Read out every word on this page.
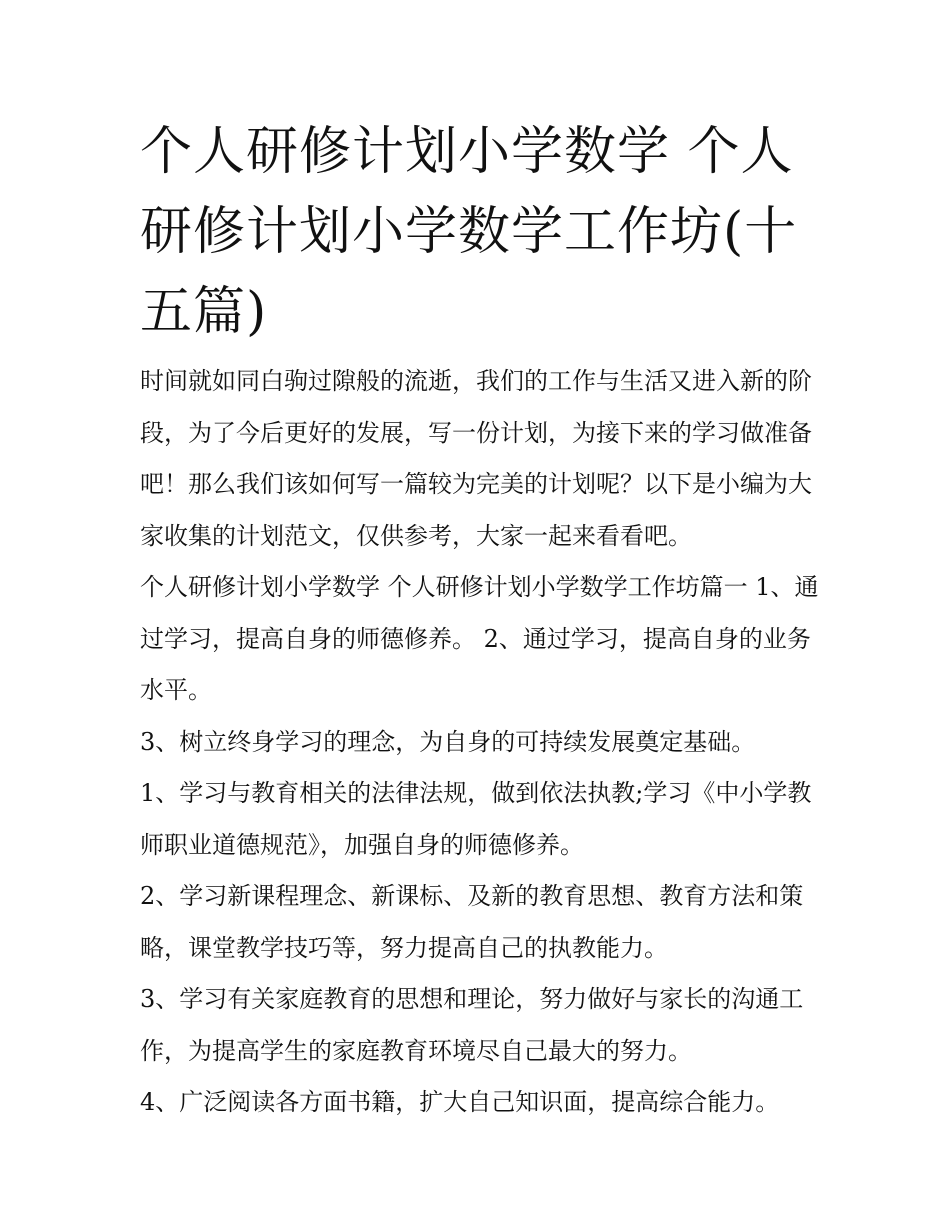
个人研修计划小学数学 个人研修计划小学数学工作坊(十五篇)

时间就如同白驹过隙般的流逝，我们的工作与生活又进入新的阶段，为了今后更好的发展，写一份计划，为接下来的学习做准备吧！那么我们该如何写一篇较为完美的计划呢？以下是小编为大家收集的计划范文，仅供参考，大家一起来看看吧。

个人研修计划小学数学 个人研修计划小学数学工作坊篇一 1、通过学习，提高自身的师德修养。 2、通过学习，提高自身的业务水平。

3、树立终身学习的理念，为自身的可持续发展奠定基础。

1、学习与教育相关的法律法规，做到依法执教;学习《中小学教师职业道德规范》，加强自身的师德修养。

2、学习新课程理念、新课标、及新的教育思想、教育方法和策略，课堂教学技巧等，努力提高自己的执教能力。

3、学习有关家庭教育的思想和理论，努力做好与家长的沟通工作，为提高学生的家庭教育环境尽自己最大的努力。

4、广泛阅读各方面书籍，扩大自己知识面，提高综合能力。
